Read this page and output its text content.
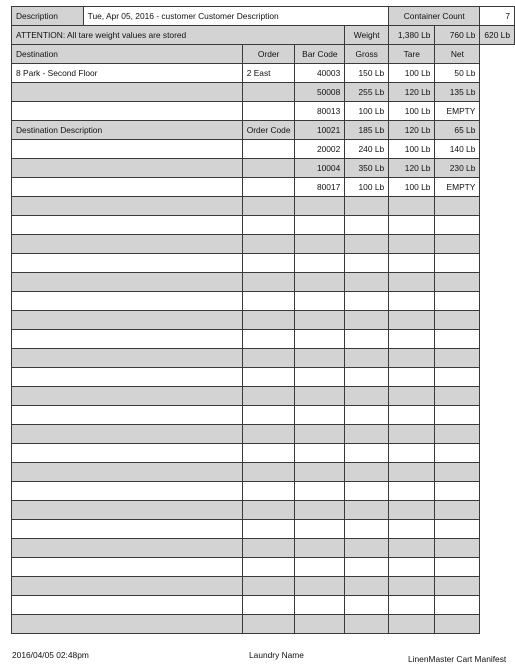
Description	Tue, Apr 05, 2016 - customer Customer Description				Container Count		7
ATTENTION: All tare weight values are stored				Weight	1,380 Lb	760 Lb	620 Lb
Destination		Order	Bar Code	Gross	Tare	Net	
8 Park - Second Floor		2 East	40003	150 Lb	100 Lb	50 Lb	
			50008	255 Lb	120 Lb	135 Lb	
			80013	100 Lb	100 Lb	EMPTY	
Destination Description		Order Code	10021	185 Lb	120 Lb	65 Lb	
			20002	240 Lb	100 Lb	140 Lb	
			10004	350 Lb	120 Lb	230 Lb	
			80017	100 Lb	100 Lb	EMPTY	

2016/04/05 02:48pm	Laundry Name	LinenMaster Cart Manifest
